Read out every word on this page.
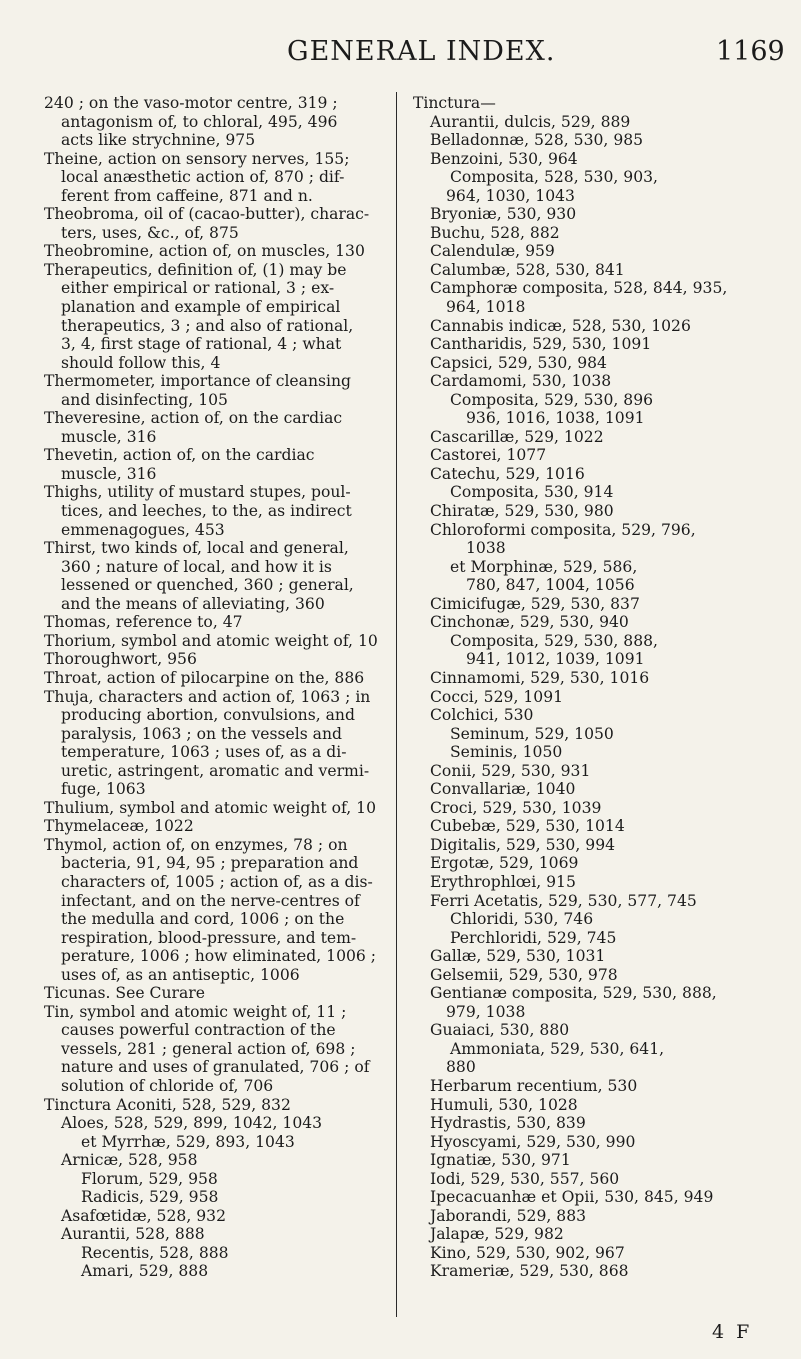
GENERAL INDEX.	1169
240 ; on the vaso-motor centre, 319 ;
antagonism of, to chloral, 495, 496
acts like strychnine, 975
Theine, action on sensory nerves, 155;
local anæsthetic action of, 870 ; dif-
ferent from caffeine, 871 and n.
Theobroma, oil of (cacao-butter), charac-
ters, uses, &c., of, 875
Theobromine, action of, on muscles, 130
Therapeutics, definition of, (1) may be
either empirical or rational, 3 ; ex-
planation and example of empirical
therapeutics, 3 ; and also of rational,
3, 4, first stage of rational, 4 ; what
should follow this, 4
Thermometer, importance of cleansing
and disinfecting, 105
Theveresine, action of, on the cardiac
muscle, 316
Thevetin, action of, on the cardiac
muscle, 316
Thighs, utility of mustard stupes, poul-
tices, and leeches, to the, as indirect
emmenagogues, 453
Thirst, two kinds of, local and general,
360 ; nature of local, and how it is
lessened or quenched, 360 ; general,
and the means of alleviating, 360
Thomas, reference to, 47
Thorium, symbol and atomic weight of, 10
Thoroughwort, 956
Throat, action of pilocarpine on the, 886
Thuja, characters and action of, 1063 ; in
producing abortion, convulsions, and
paralysis, 1063 ; on the vessels and
temperature, 1063 ; uses of, as a di-
uretic, astringent, aromatic and vermi-
fuge, 1063
Thulium, symbol and atomic weight of, 10
Thymelaceæ, 1022
Thymol, action of, on enzymes, 78 ; on
bacteria, 91, 94, 95 ; preparation and
characters of, 1005 ; action of, as a dis-
infectant, and on the nerve-centres of
the medulla and cord, 1006 ; on the
respiration, blood-pressure, and tem-
perature, 1006 ; how eliminated, 1006 ;
uses of, as an antiseptic, 1006
Ticunas. See Curare
Tin, symbol and atomic weight of, 11 ;
causes powerful contraction of the
vessels, 281 ; general action of, 698 ;
nature and uses of granulated, 706 ; of
solution of chloride of, 706
Tinctura Aconiti, 528, 529, 832
Aloes, 528, 529, 899, 1042, 1043
et Myrrhæ, 529, 893, 1043
Arnicæ, 528, 958
Florum, 529, 958
Radicis, 529, 958
Asafœtidæ, 528, 932
Aurantii, 528, 888
Recentis, 528, 888
Amari, 529, 888
Tinctura—
Aurantii, dulcis, 529, 889
Belladonnæ, 528, 530, 985
Benzoini, 530, 964
Composita, 528, 530, 903,
964, 1030, 1043
Bryoniæ, 530, 930
Buchu, 528, 882
Calendulæ, 959
Calumbæ, 528, 530, 841
Camphoræ composita, 528, 844, 935,
964, 1018
Cannabis indicæ, 528, 530, 1026
Cantharidis, 529, 530, 1091
Capsici, 529, 530, 984
Cardamomi, 530, 1038
Composita, 529, 530, 896
936, 1016, 1038, 1091
Cascarillæ, 529, 1022
Castorei, 1077
Catechu, 529, 1016
Composita, 530, 914
Chiratæ, 529, 530, 980
Chloroformi composita, 529, 796,
1038
et Morphinæ, 529, 586,
780, 847, 1004, 1056
Cimicifugæ, 529, 530, 837
Cinchonæ, 529, 530, 940
Composita, 529, 530, 888,
941, 1012, 1039, 1091
Cinnamomi, 529, 530, 1016
Cocci, 529, 1091
Colchici, 530
Seminum, 529, 1050
Seminis, 1050
Conii, 529, 530, 931
Convallariæ, 1040
Croci, 529, 530, 1039
Cubebæ, 529, 530, 1014
Digitalis, 529, 530, 994
Ergotæ, 529, 1069
Erythrophlœi, 915
Ferri Acetatis, 529, 530, 577, 745
Chloridi, 530, 746
Perchloridi, 529, 745
Gallæ, 529, 530, 1031
Gelsemii, 529, 530, 978
Gentianæ composita, 529, 530, 888,
979, 1038
Guaiaci, 530, 880
Ammoniata, 529, 530, 641,
880
Herbarum recentium, 530
Humuli, 530, 1028
Hydrastis, 530, 839
Hyoscyami, 529, 530, 990
Ignatiæ, 530, 971
Iodi, 529, 530, 557, 560
Ipecacuanhæ et Opii, 530, 845, 949
Jaborandi, 529, 883
Jalapæ, 529, 982
Kino, 529, 530, 902, 967
Krameriæ, 529, 530, 868
4 F
